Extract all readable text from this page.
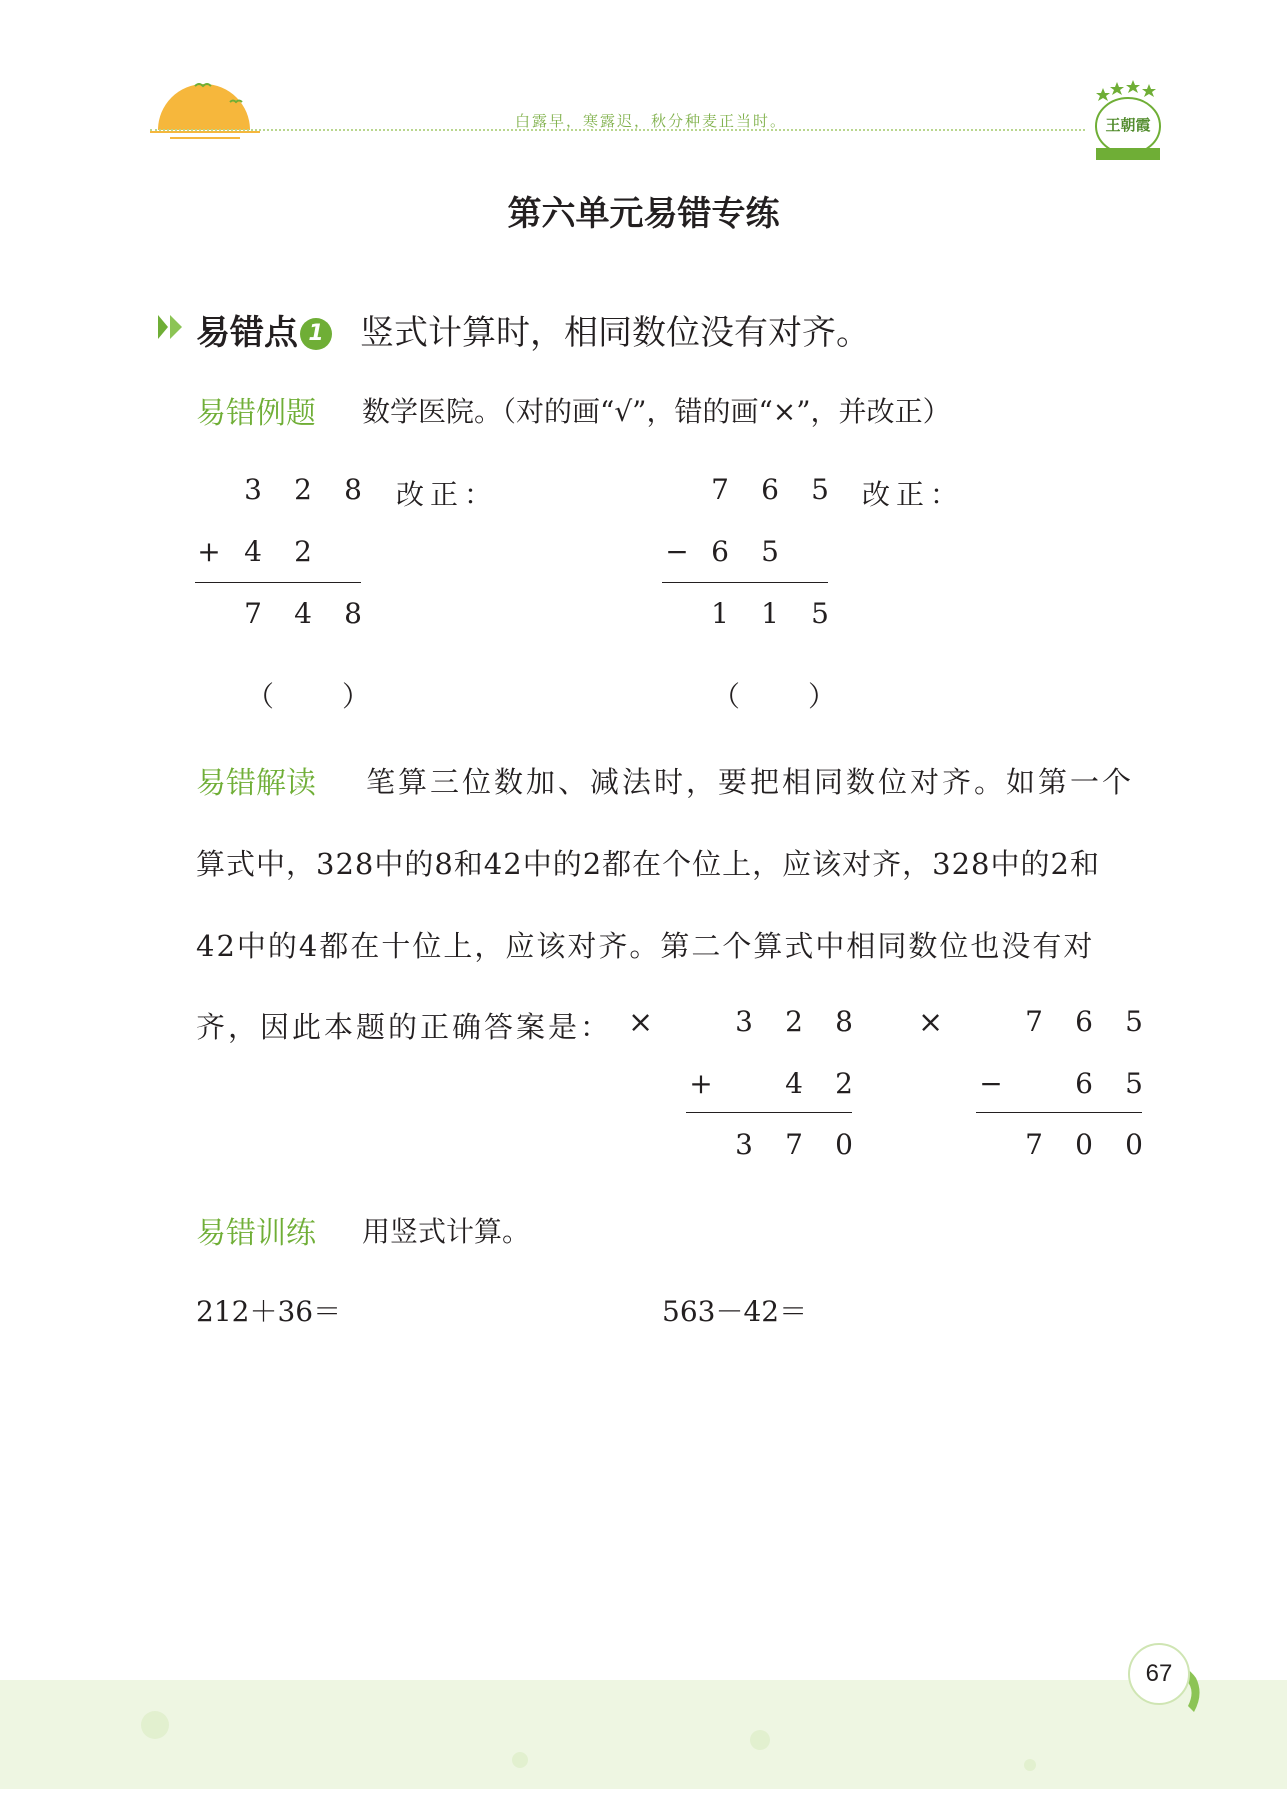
白露早，寒露迟，秋分种麦正当时。	王朝霞
第六单元易错专练
易错点 1 竖式计算时，相同数位没有对齐。
易错例题 数学医院。（对的画“√”，错的画“×”，并改正）
3 2 8
+ 4 2
7 4 8
改正：
（　　）
7 6 5
− 6 5
1 1 5
改正：
（　　）
易错解读 笔算三位数加、减法时，要把相同数位对齐。如第一个
算式中，328中的8和42中的2都在个位上，应该对齐，328中的2和
42中的4都在十位上，应该对齐。第二个算式中相同数位也没有对
齐，因此本题的正确答案是： ×	×
3 2 8
+	4 2
3 7 0
7 6 5
−	6 5
7 0 0
易错训练 用竖式计算。
212＋36＝	563－42＝
67
